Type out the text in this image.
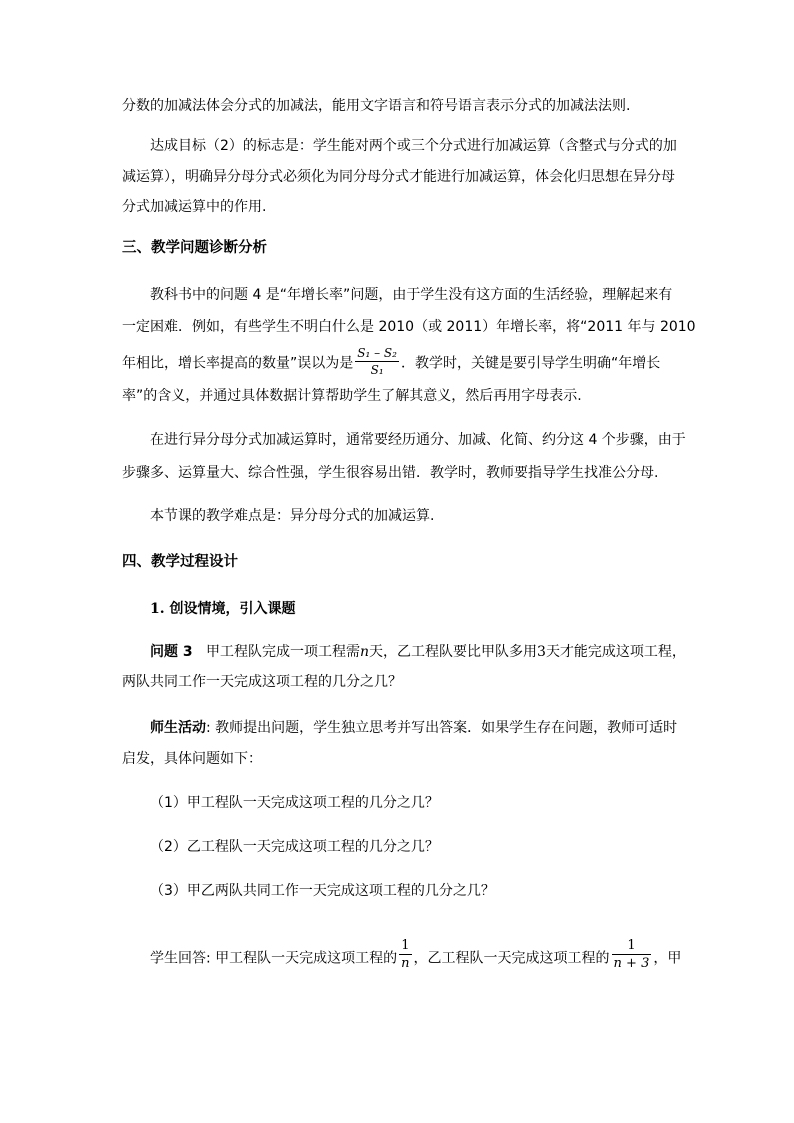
分数的加减法体会分式的加减法，能用文字语言和符号语言表示分式的加减法法则.
达成目标（2）的标志是：学生能对两个或三个分式进行加减运算（含整式与分式的加
减运算），明确异分母分式必须化为同分母分式才能进行加减运算，体会化归思想在异分母
分式加减运算中的作用.
三、教学问题诊断分析
教科书中的问题 4 是“年增长率”问题，由于学生没有这方面的生活经验，理解起来有
一定困难．例如，有些学生不明白什么是 2010（或 2011）年增长率，将“2011 年与 2010
年相比，增长率提高的数量”误以为是 $\frac{\text{S₁ – S₂}}{\text{S₁}}$ ．教学时，关键是要引导学生明确“年增长
率”的含义，并通过具体数据计算帮助学生了解其意义，然后再用字母表示.
在进行异分母分式加减运算时，通常要经历通分、加减、化简、约分这 4 个步骤，由于
步骤多、运算量大、综合性强，学生很容易出错．教学时，教师要指导学生找准公分母.
本节课的教学难点是：异分母分式的加减运算.
四、教学过程设计
1. 创设情境，引入课题
问题 3 甲工程队完成一项工程需n天，乙工程队要比甲队多用3天才能完成这项工程，
两队共同工作一天完成这项工程的几分之几？
师生活动: 教师提出问题，学生独立思考并写出答案．如果学生存在问题，教师可适时
启发，具体问题如下：
（1）甲工程队一天完成这项工程的几分之几？
（2）乙工程队一天完成这项工程的几分之几？
（3）甲乙两队共同工作一天完成这项工程的几分之几？
学生回答: 甲工程队一天完成这项工程的 $\frac{1}{n}$ ，乙工程队一天完成这项工程的 $\frac{1}{n + 3}$ ，甲
